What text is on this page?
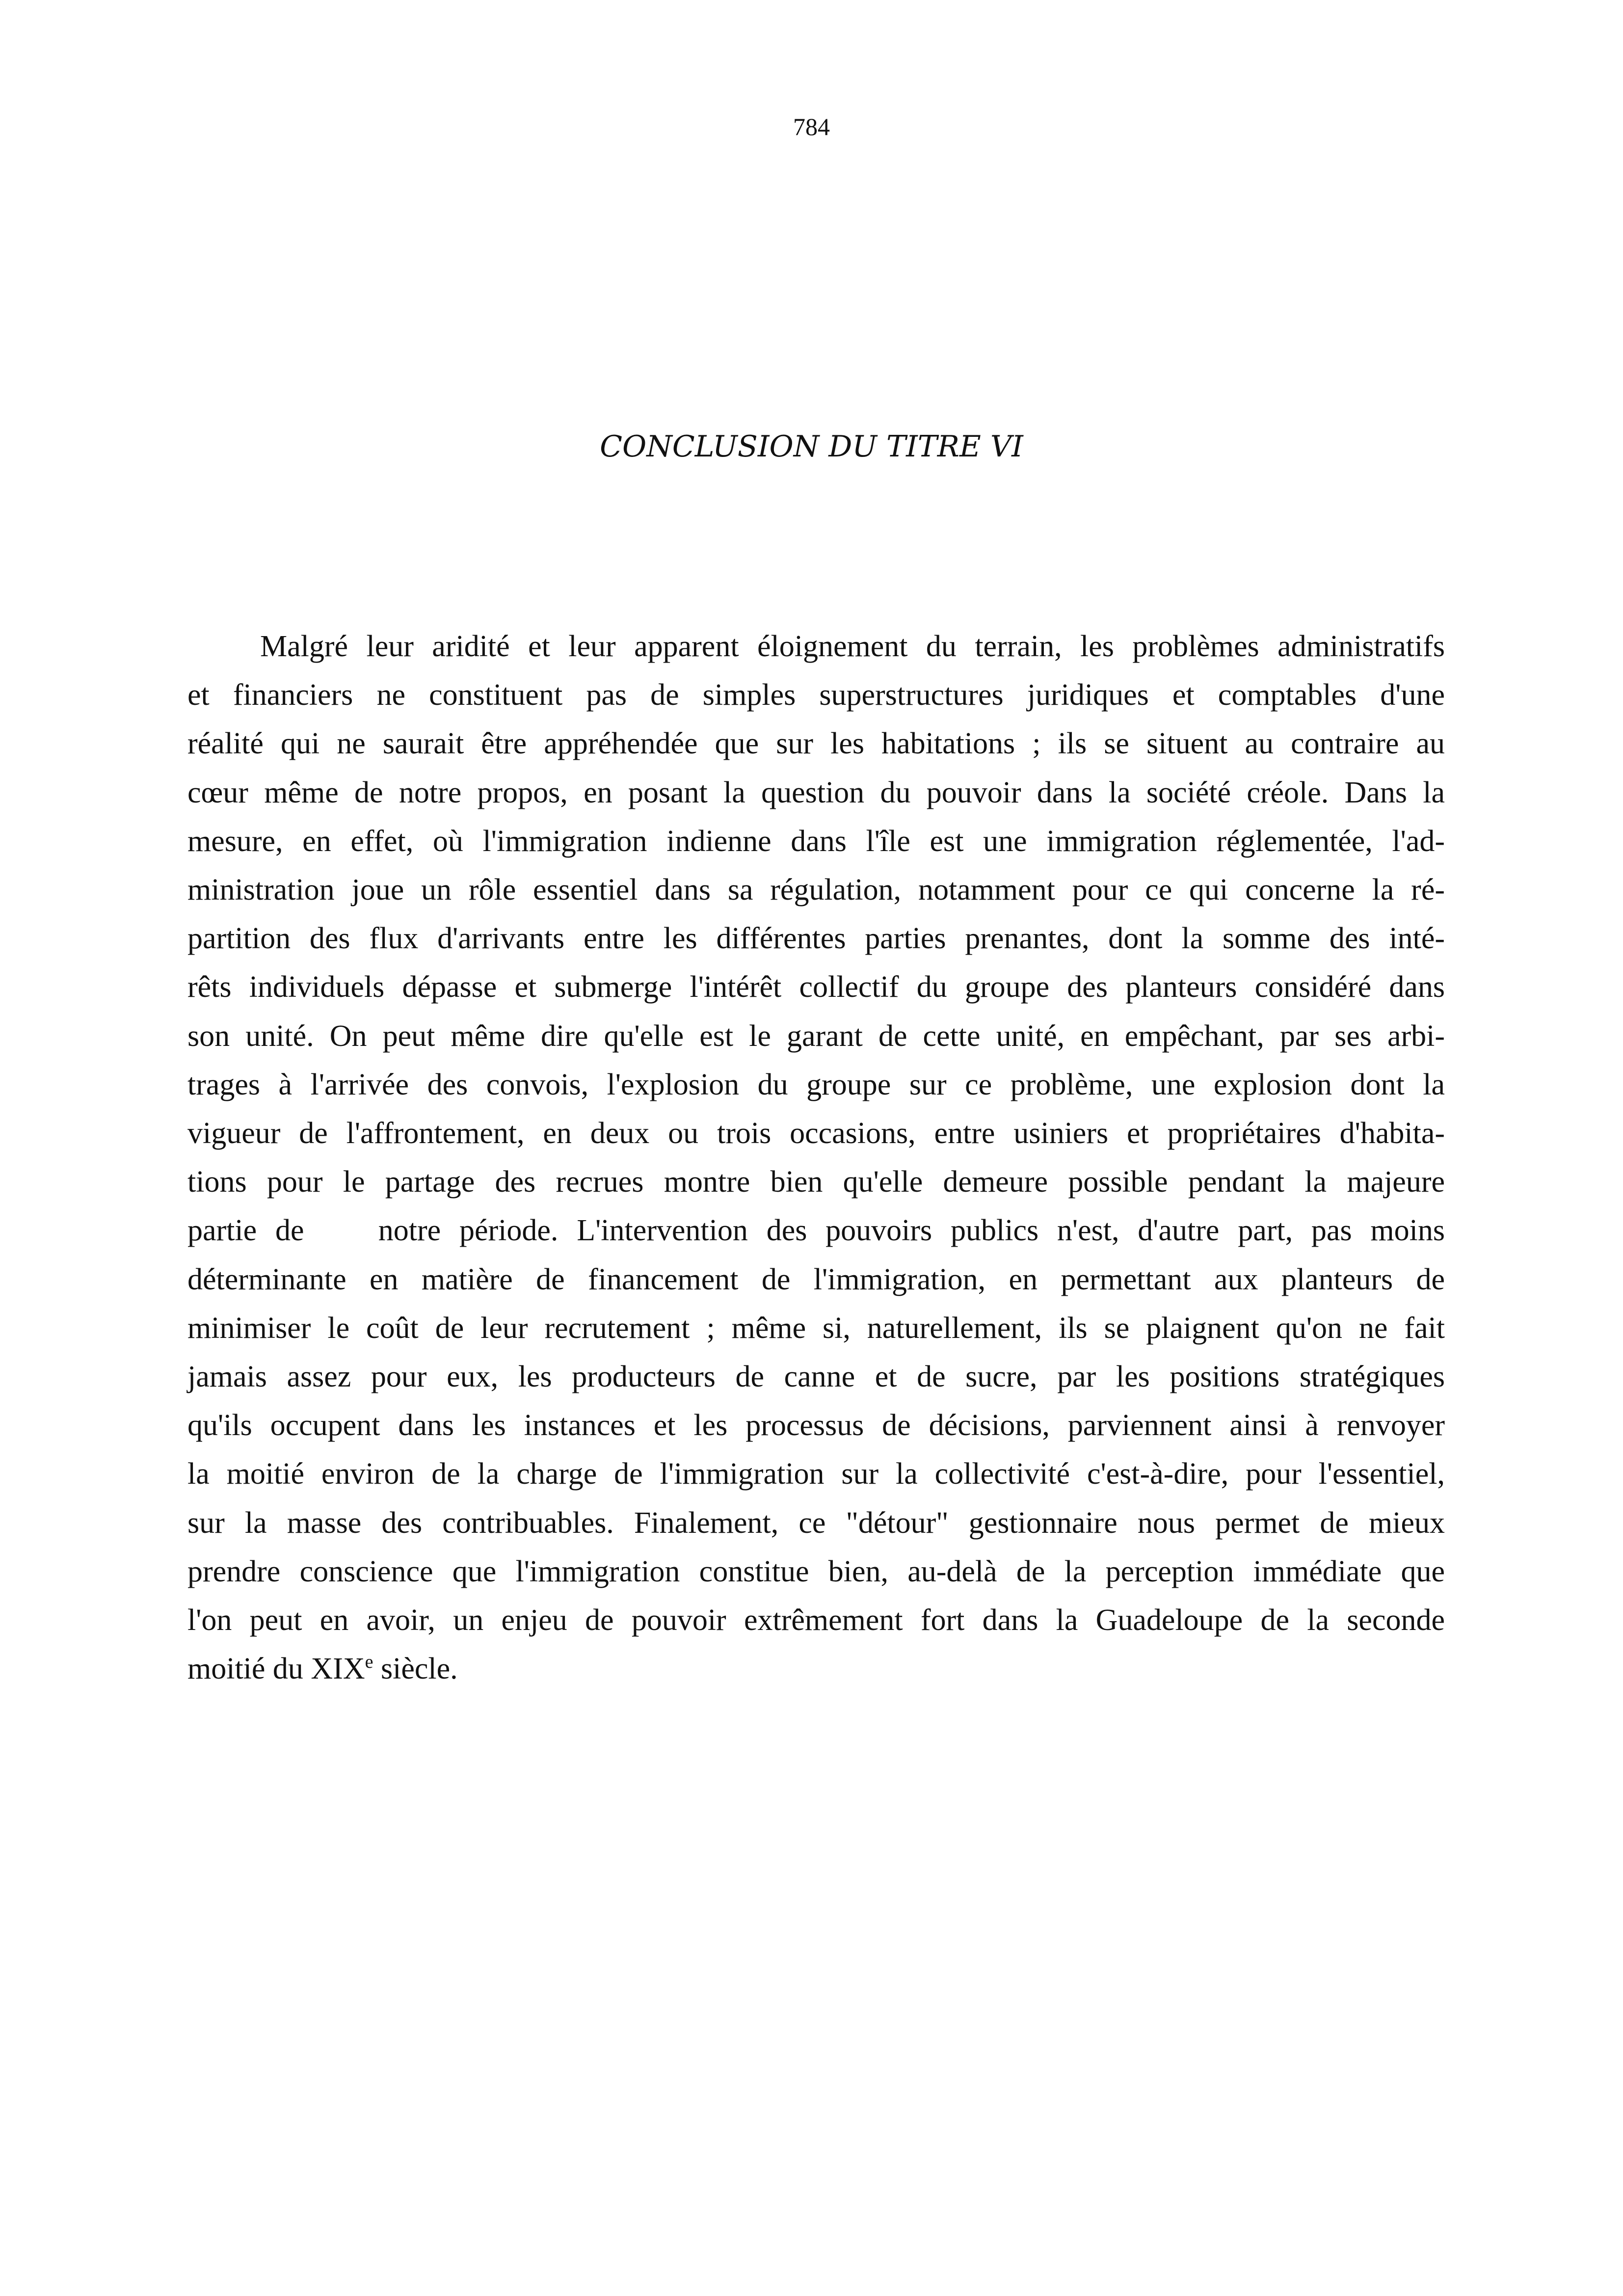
784
CONCLUSION DU TITRE VI
Malgré leur aridité et leur apparent éloignement du terrain, les problèmes administratifs
et financiers ne constituent pas de simples superstructures juridiques et comptables d'une
réalité qui ne saurait être appréhendée que sur les habitations ; ils se situent au contraire au
cœur même de notre propos, en posant la question du pouvoir dans la société créole. Dans la
mesure, en effet, où l'immigration indienne dans l'île est une immigration réglementée, l'ad-
ministration joue un rôle essentiel dans sa régulation, notamment pour ce qui concerne la ré-
partition des flux d'arrivants entre les différentes parties prenantes, dont la somme des inté-
rêts individuels dépasse et submerge l'intérêt collectif du groupe des planteurs considéré dans
son unité. On peut même dire qu'elle est le garant de cette unité, en empêchant, par ses arbi-
trages à l'arrivée des convois, l'explosion du groupe sur ce problème, une explosion dont la
vigueur de l'affrontement, en deux ou trois occasions, entre usiniers et propriétaires d'habita-
tions pour le partage des recrues montre bien qu'elle demeure possible pendant la majeure
partie de    notre période. L'intervention des pouvoirs publics n'est, d'autre part, pas moins
déterminante en matière de financement de l'immigration, en permettant aux planteurs de
minimiser le coût de leur recrutement ; même si, naturellement, ils se plaignent qu'on ne fait
jamais assez pour eux, les producteurs de canne et de sucre, par les positions stratégiques
qu'ils occupent dans les instances et les processus de décisions, parviennent ainsi à renvoyer
la moitié environ de la charge de l'immigration sur la collectivité c'est-à-dire, pour l'essentiel,
sur la masse des contribuables. Finalement, ce "détour" gestionnaire nous permet de mieux
prendre conscience que l'immigration constitue bien, au-delà de la perception immédiate que
l'on peut en avoir, un enjeu de pouvoir extrêmement fort dans la Guadeloupe de la seconde
moitié du XIXe siècle.
